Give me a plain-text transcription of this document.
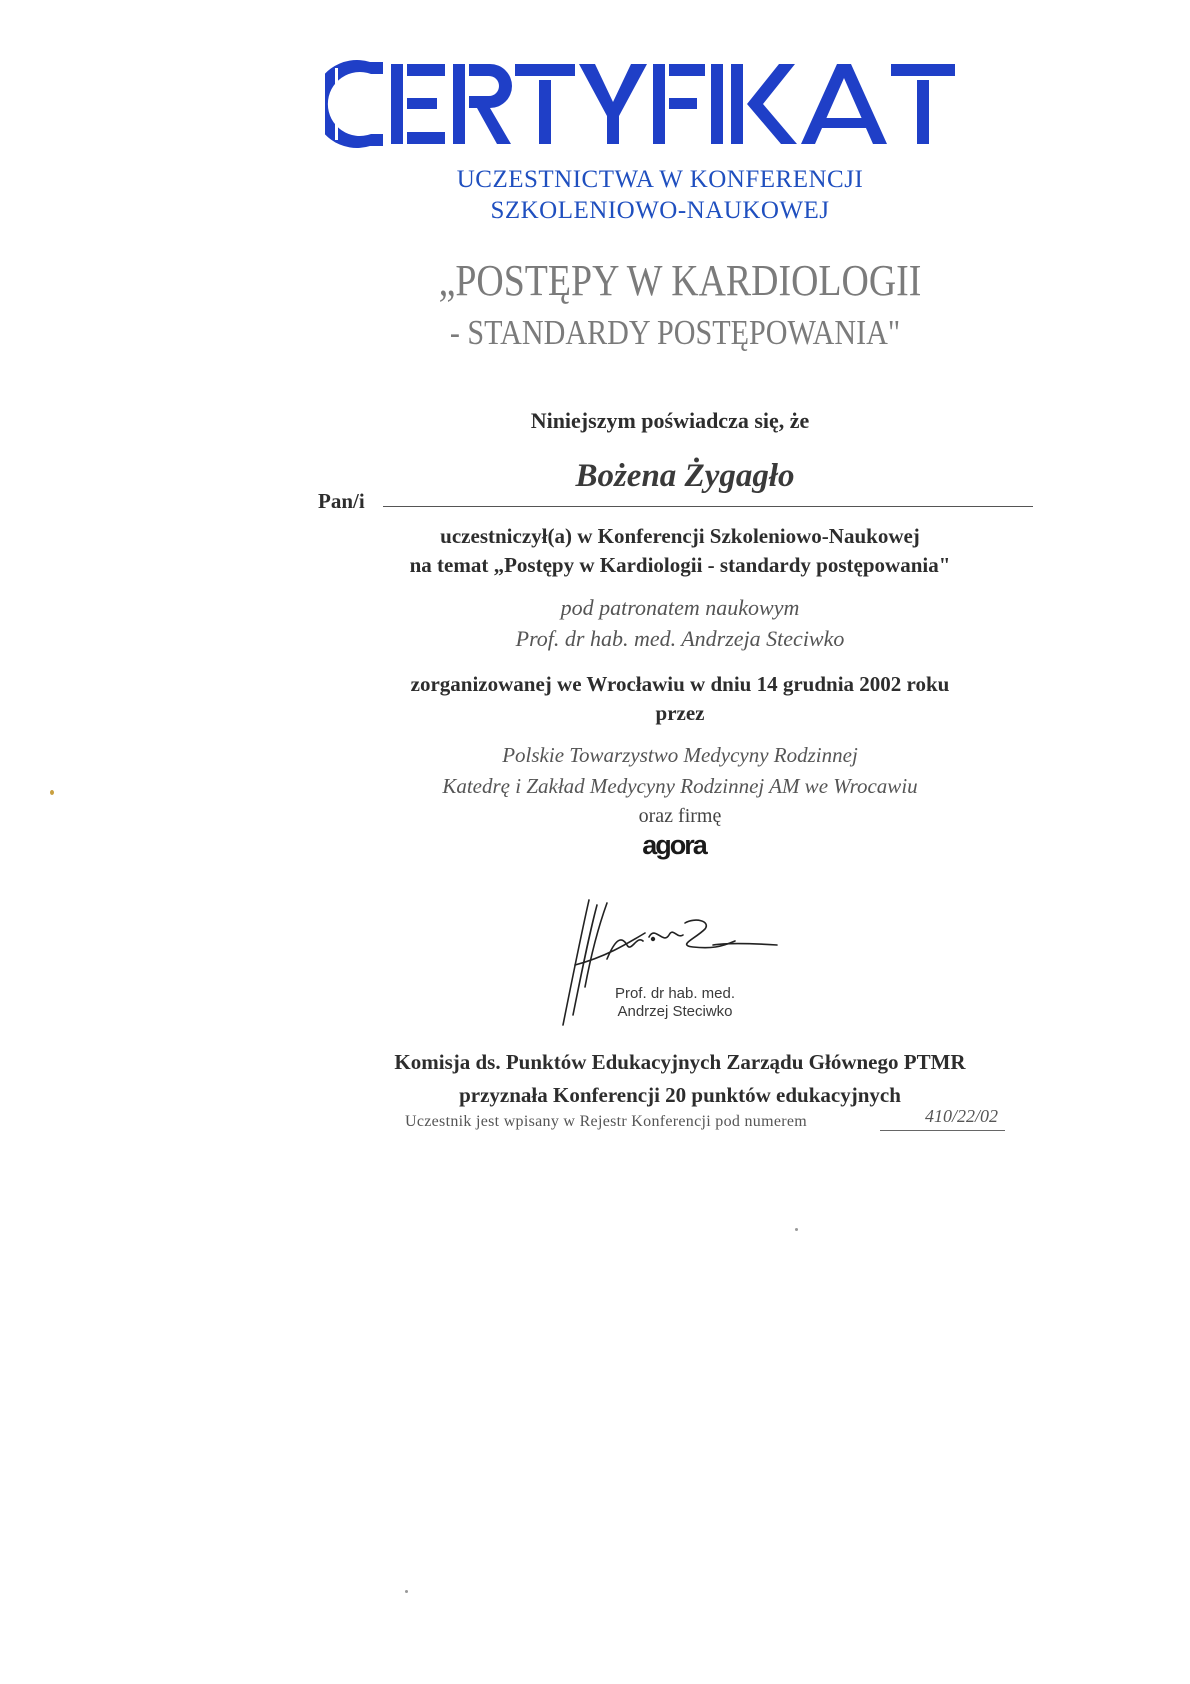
UCZESTNICTWA W KONFERENCJI
SZKOLENIOWO-NAUKOWEJ
„POSTĘPY W KARDIOLOGII
- STANDARDY POSTĘPOWANIA"
Niniejszym poświadcza się, że
Pan/i
Bożena Żygagło
uczestniczył(a) w Konferencji Szkoleniowo-Naukowej
na temat „Postępy w Kardiologii - standardy postępowania"
pod patronatem naukowym
Prof. dr hab. med. Andrzeja Steciwko
zorganizowanej we Wrocławiu w dniu 14 grudnia 2002 roku
przez
Polskie Towarzystwo Medycyny Rodzinnej
Katedrę i Zakład Medycyny Rodzinnej AM we Wrocawiu
oraz firmę
agora
Prof. dr hab. med.
Andrzej Steciwko
Komisja ds. Punktów Edukacyjnych Zarządu Głównego PTMR
przyznała Konferencji 20 punktów edukacyjnych
Uczestnik jest wpisany w Rejestr Konferencji pod numerem	410/22/02
